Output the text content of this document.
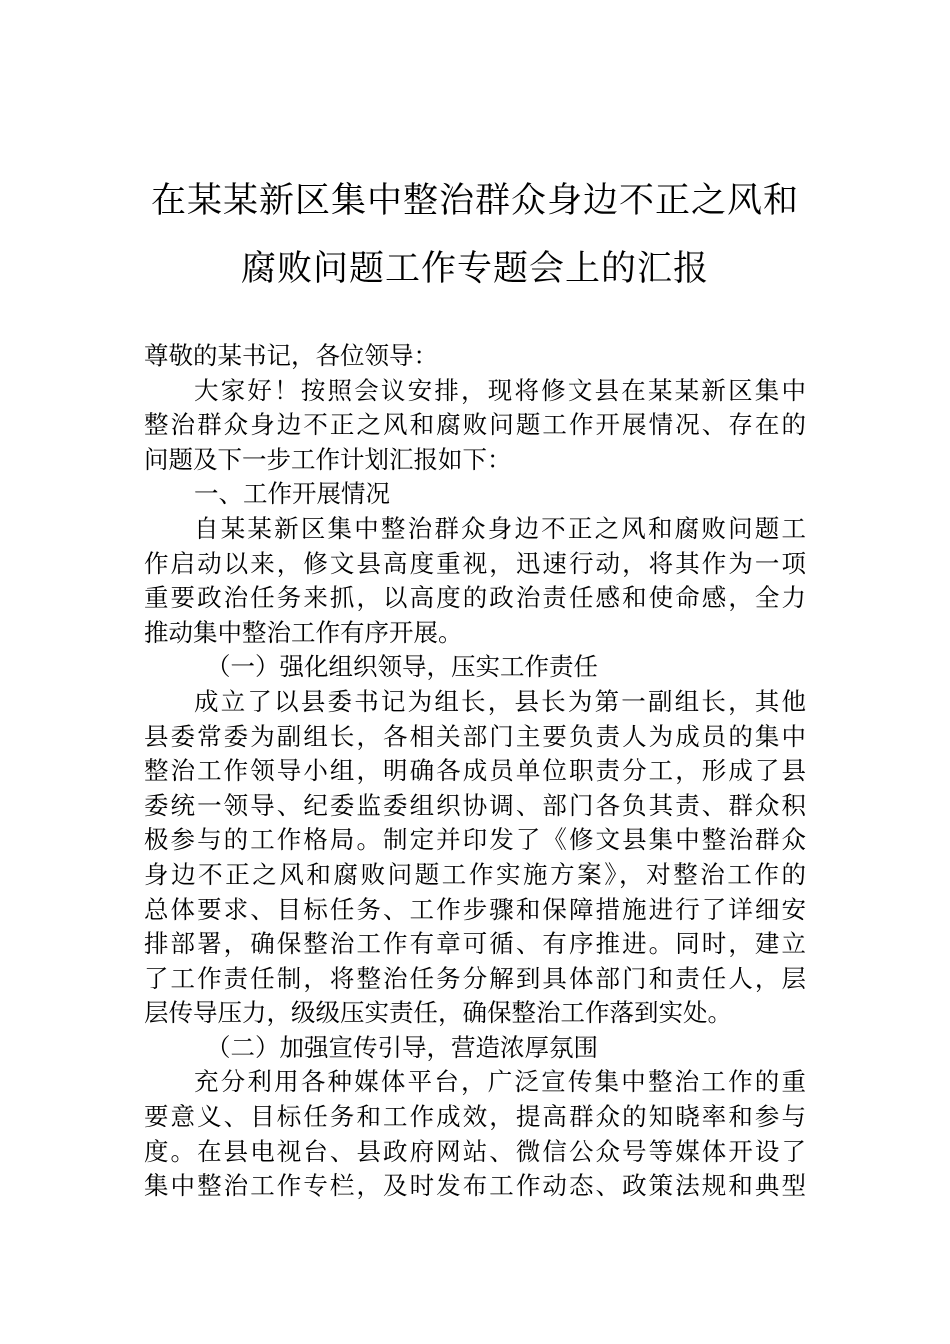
在某某新区集中整治群众身边不正之风和
腐败问题工作专题会上的汇报
尊敬的某书记，各位领导：
大家好！按照会议安排，现将修文县在某某新区集中
整治群众身边不正之风和腐败问题工作开展情况、存在的
问题及下一步工作计划汇报如下：
一、工作开展情况
自某某新区集中整治群众身边不正之风和腐败问题工
作启动以来，修文县高度重视，迅速行动，将其作为一项
重要政治任务来抓，以高度的政治责任感和使命感，全力
推动集中整治工作有序开展。
（一）强化组织领导，压实工作责任
成立了以县委书记为组长，县长为第一副组长，其他
县委常委为副组长，各相关部门主要负责人为成员的集中
整治工作领导小组，明确各成员单位职责分工，形成了县
委统一领导、纪委监委组织协调、部门各负其责、群众积
极参与的工作格局。制定并印发了《修文县集中整治群众
身边不正之风和腐败问题工作实施方案》，对整治工作的
总体要求、目标任务、工作步骤和保障措施进行了详细安
排部署，确保整治工作有章可循、有序推进。同时，建立
了工作责任制，将整治任务分解到具体部门和责任人，层
层传导压力，级级压实责任，确保整治工作落到实处。
（二）加强宣传引导，营造浓厚氛围
充分利用各种媒体平台，广泛宣传集中整治工作的重
要意义、目标任务和工作成效，提高群众的知晓率和参与
度。在县电视台、县政府网站、微信公众号等媒体开设了
集中整治工作专栏，及时发布工作动态、政策法规和典型
